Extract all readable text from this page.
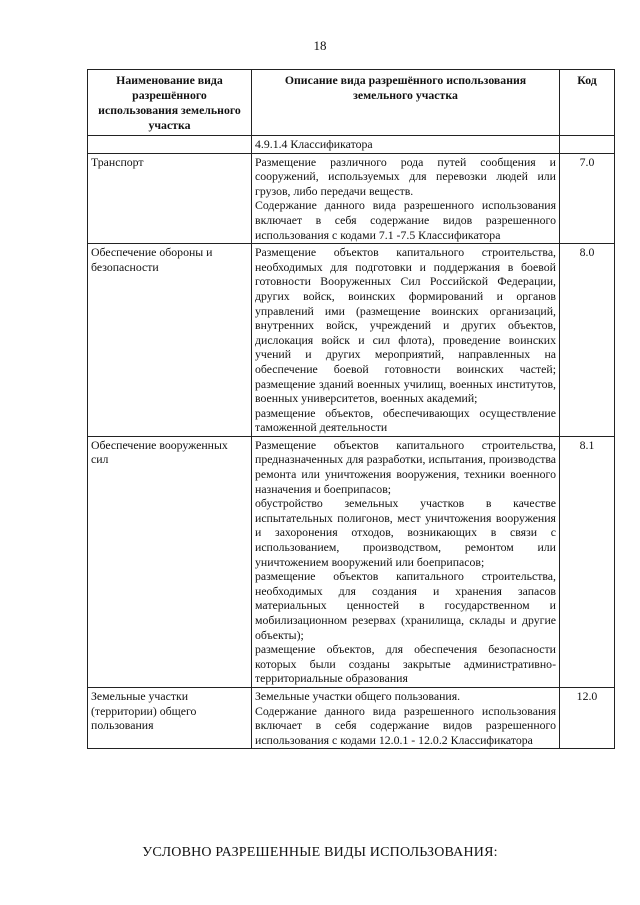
18
Наименование вида разрешённого использования земельного участка	Описание вида разрешённого использования земельного участка	Код
	4.9.1.4 Классификатора	
Транспорт	Размещение различного рода путей сообщения и сооружений, используемых для перевозки людей или грузов, либо передачи веществ.

Содержание данного вида разрешенного использования включает в себя содержание видов разрешенного использования с кодами 7.1 -7.5 Классификатора	7.0
Обеспечение обороны и безопасности	Размещение объектов капитального строительства, необходимых для подготовки и поддержания в боевой готовности Вооруженных Сил Российской Федерации, других войск, воинских формирований и органов управлений ими (размещение воинских организаций, внутренних войск, учреждений и других объектов, дислокация войск и сил флота), проведение воинских учений и других мероприятий, направленных на обеспечение боевой готовности воинских частей; размещение зданий военных училищ, военных институтов, военных университетов, военных академий;

размещение объектов, обеспечивающих осуществление таможенной деятельности	8.0
Обеспечение вооруженных сил	Размещение объектов капитального строительства, предназначенных для разработки, испытания, производства ремонта или уничтожения вооружения, техники военного назначения и боеприпасов;

обустройство земельных участков в качестве испытательных полигонов, мест уничтожения вооружения и захоронения отходов, возникающих в связи с использованием, производством, ремонтом или уничтожением вооружений или боеприпасов;

размещение объектов капитального строительства, необходимых для создания и хранения запасов материальных ценностей в государственном и мобилизационном резервах (хранилища, склады и другие объекты);

размещение объектов, для обеспечения безопасности которых были созданы закрытые административно-территориальные образования	8.1
Земельные участки (территории) общего пользования	Земельные участки общего пользования.

Содержание данного вида разрешенного использования включает в себя содержание видов разрешенного использования с кодами 12.0.1 - 12.0.2 Классификатора	12.0
УСЛОВНО РАЗРЕШЕННЫЕ ВИДЫ ИСПОЛЬЗОВАНИЯ:
